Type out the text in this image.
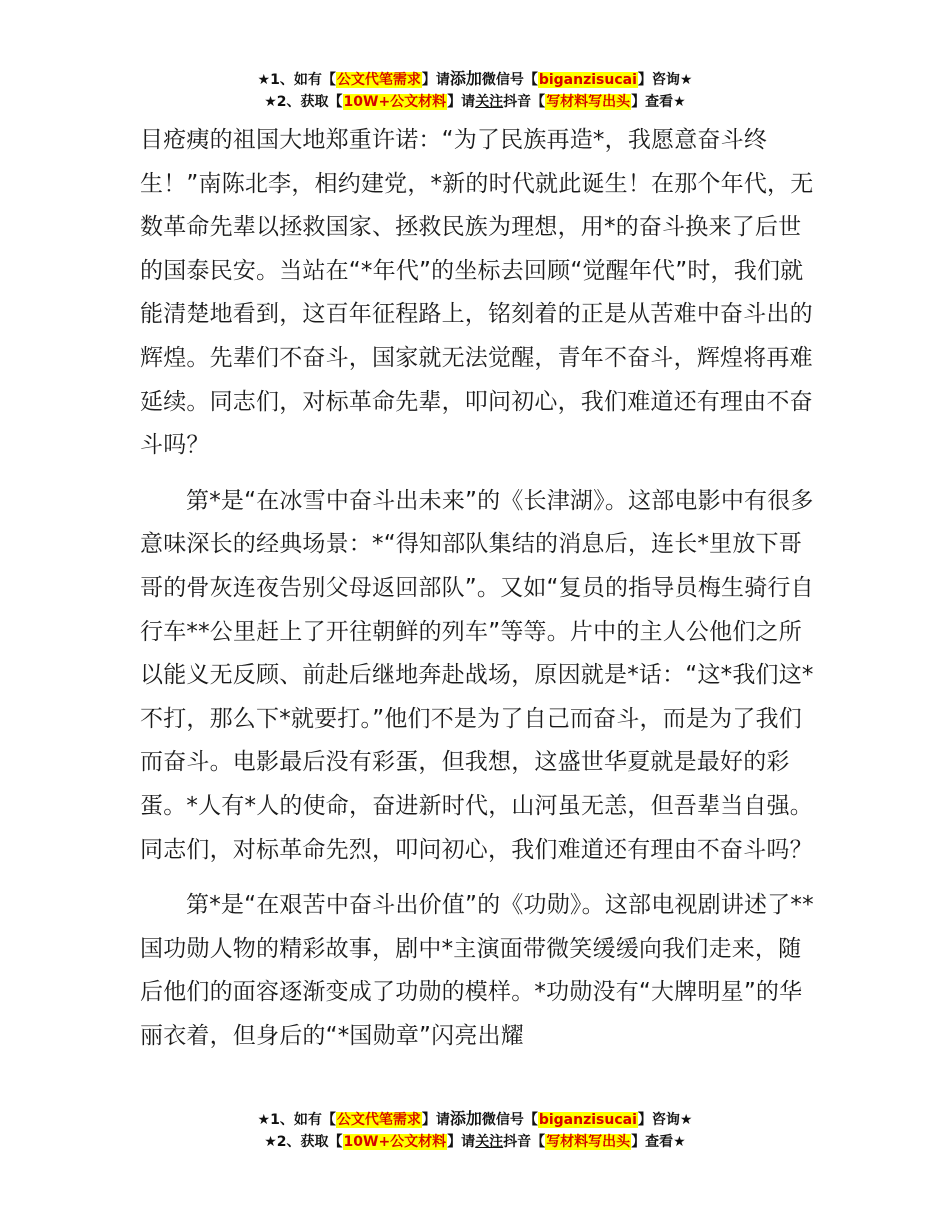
★1、如有【公文代笔需求】请添加微信号【biganzisucai】咨询★
★2、获取【10W+公文材料】请关注抖音【写材料写出头】查看★

目疮痍的祖国大地郑重许诺：“为了民族再造*，我愿意奋斗终生！”南陈北李，相约建党，*新的时代就此诞生！在那个年代，无数革命先辈以拯救国家、拯救民族为理想，用*的奋斗换来了后世的国泰民安。当站在“*年代”的坐标去回顾“觉醒年代”时，我们就能清楚地看到，这百年征程路上，铭刻着的正是从苦难中奋斗出的辉煌。先辈们不奋斗，国家就无法觉醒，青年不奋斗，辉煌将再难延续。同志们，对标革命先辈，叩问初心，我们难道还有理由不奋斗吗？

第*是“在冰雪中奋斗出未来”的《长津湖》。这部电影中有很多意味深长的经典场景：*“得知部队集结的消息后，连长*里放下哥哥的骨灰连夜告别父母返回部队”。又如“复员的指导员梅生骑行自行车**公里赶上了开往朝鲜的列车”等等。片中的主人公他们之所以能义无反顾、前赴后继地奔赴战场，原因就是*话：“这*我们这*不打，那么下*就要打。”他们不是为了自己而奋斗，而是为了我们而奋斗。电影最后没有彩蛋，但我想，这盛世华夏就是最好的彩蛋。*人有*人的使命，奋进新时代，山河虽无恙，但吾辈当自强。同志们，对标革命先烈，叩问初心，我们难道还有理由不奋斗吗？

第*是“在艰苦中奋斗出价值”的《功勋》。这部电视剧讲述了**国功勋人物的精彩故事，剧中*主演面带微笑缓缓向我们走来，随后他们的面容逐渐变成了功勋的模样。*功勋没有“大牌明星”的华丽衣着，但身后的“*国勋章”闪亮出耀

★1、如有【公文代笔需求】请添加微信号【biganzisucai】咨询★
★2、获取【10W+公文材料】请关注抖音【写材料写出头】查看★
